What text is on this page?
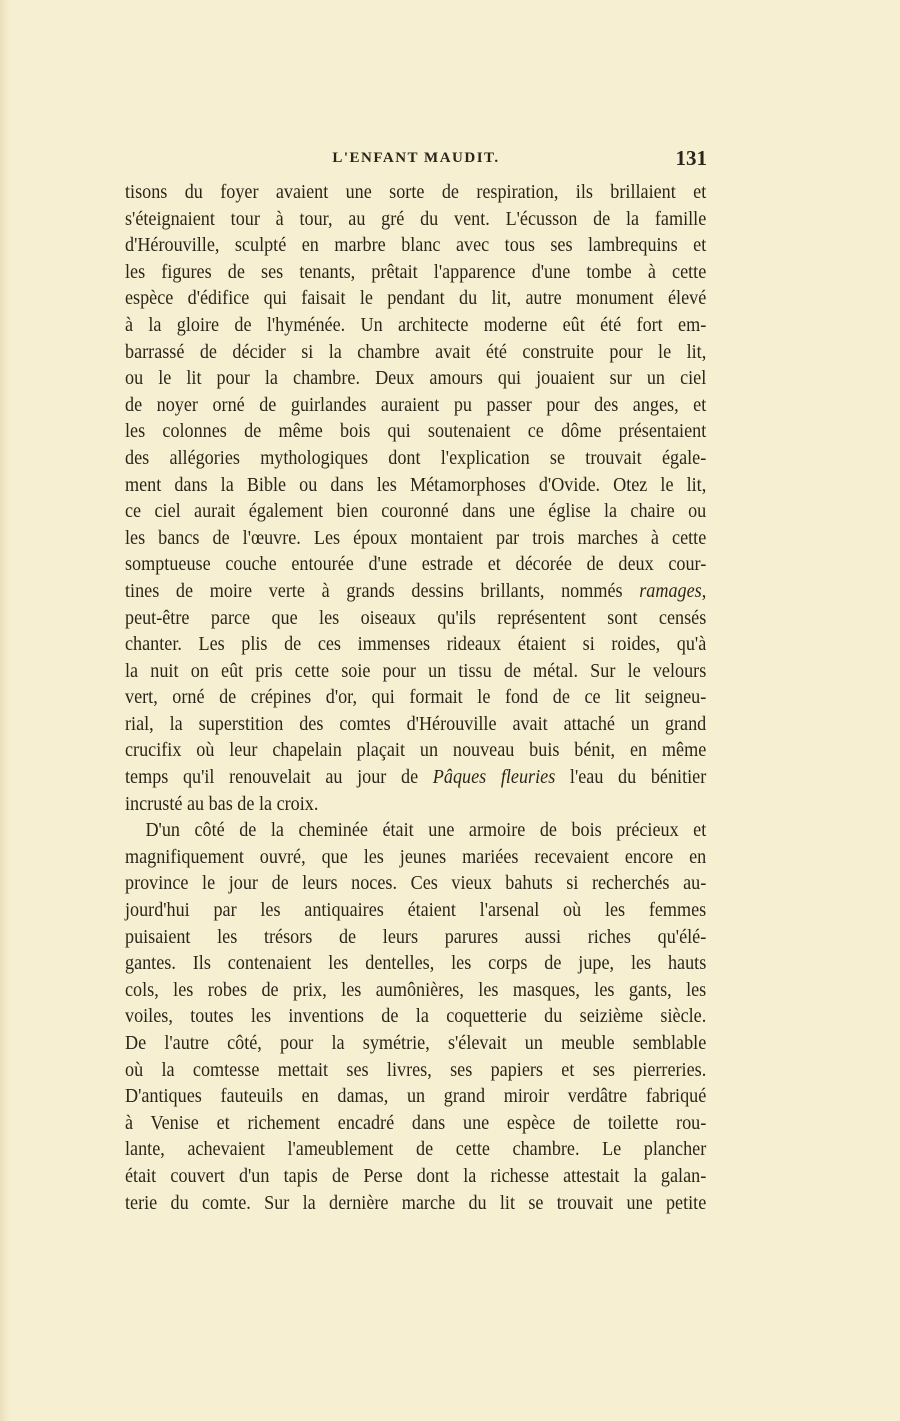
L'ENFANT MAUDIT.	131
tisons du foyer avaient une sorte de respiration, ils brillaient et
s'éteignaient tour à tour, au gré du vent. L'écusson de la famille
d'Hérouville, sculpté en marbre blanc avec tous ses lambrequins et
les figures de ses tenants, prêtait l'apparence d'une tombe à cette
espèce d'édifice qui faisait le pendant du lit, autre monument élevé
à la gloire de l'hyménée. Un architecte moderne eût été fort em-
barrassé de décider si la chambre avait été construite pour le lit,
ou le lit pour la chambre. Deux amours qui jouaient sur un ciel
de noyer orné de guirlandes auraient pu passer pour des anges, et
les colonnes de même bois qui soutenaient ce dôme présentaient
des allégories mythologiques dont l'explication se trouvait égale-
ment dans la Bible ou dans les Métamorphoses d'Ovide. Otez le lit,
ce ciel aurait également bien couronné dans une église la chaire ou
les bancs de l'œuvre. Les époux montaient par trois marches à cette
somptueuse couche entourée d'une estrade et décorée de deux cour-
tines de moire verte à grands dessins brillants, nommés ramages,
peut-être parce que les oiseaux qu'ils représentent sont censés
chanter. Les plis de ces immenses rideaux étaient si roides, qu'à
la nuit on eût pris cette soie pour un tissu de métal. Sur le velours
vert, orné de crépines d'or, qui formait le fond de ce lit seigneu-
rial, la superstition des comtes d'Hérouville avait attaché un grand
crucifix où leur chapelain plaçait un nouveau buis bénit, en même
temps qu'il renouvelait au jour de Pâques fleuries l'eau du bénitier
incrusté au bas de la croix.
D'un côté de la cheminée était une armoire de bois précieux et
magnifiquement ouvré, que les jeunes mariées recevaient encore en
province le jour de leurs noces. Ces vieux bahuts si recherchés au-
jourd'hui par les antiquaires étaient l'arsenal où les femmes
puisaient les trésors de leurs parures aussi riches qu'élé-
gantes. Ils contenaient les dentelles, les corps de jupe, les hauts
cols, les robes de prix, les aumônières, les masques, les gants, les
voiles, toutes les inventions de la coquetterie du seizième siècle.
De l'autre côté, pour la symétrie, s'élevait un meuble semblable
où la comtesse mettait ses livres, ses papiers et ses pierreries.
D'antiques fauteuils en damas, un grand miroir verdâtre fabriqué
à Venise et richement encadré dans une espèce de toilette rou-
lante, achevaient l'ameublement de cette chambre. Le plancher
était couvert d'un tapis de Perse dont la richesse attestait la galan-
terie du comte. Sur la dernière marche du lit se trouvait une petite
